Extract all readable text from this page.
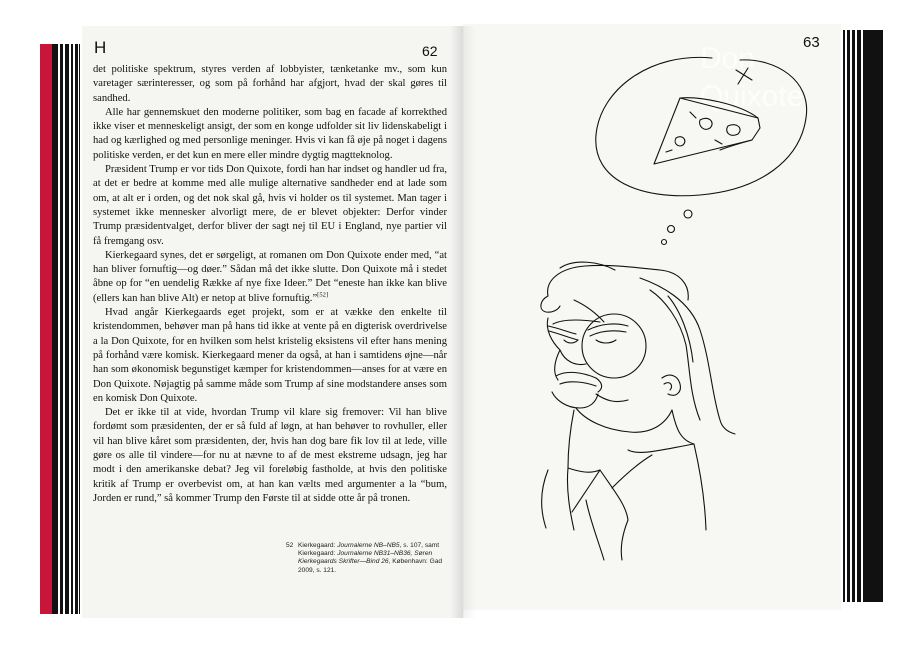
Don Quixote
H	62	63

det politiske spektrum, styres verden af lobbyister, tænketanke mv., som kun varetager særinteresser, og som på forhånd har afgjort, hvad der skal gøres til sandhed.

Alle har gennemskuet den moderne politiker, som bag en facade af korrekthed ikke viser et menneskeligt ansigt, der som en konge udfolder sit liv lidenskabeligt i had og kærlighed og med personlige meninger. Hvis vi kan få øje på noget i dagens politiske verden, er det kun en mere eller mindre dygtig magtteknolog.

Præsident Trump er vor tids Don Quixote, fordi han har indset og handler ud fra, at det er bedre at komme med alle mulige alternative sandheder end at lade som om, at alt er i orden, og det nok skal gå, hvis vi holder os til systemet. Man tager i systemet ikke mennesker alvorligt mere, de er blevet objekter: Derfor vinder Trump præsidentvalget, derfor bliver der sagt nej til EU i England, nye partier vil få fremgang osv.

Kierkegaard synes, det er sørgeligt, at romanen om Don Quixote ender med, “at han bliver fornuftig—og døer.” Sådan må det ikke slutte. Don Quixote må i stedet åbne op for “en uendelig Række af nye fixe Ideer.” Det “eneste han ikke kan blive (ellers kan han blive Alt) er netop at blive fornuftig.”[52]

Hvad angår Kierkegaards eget projekt, som er at vække den enkelte til kristendommen, behøver man på hans tid ikke at vente på en digterisk overdrivelse a la Don Quixote, for en hvilken som helst kristelig eksistens vil efter hans mening på forhånd være komisk. Kierkegaard mener da også, at han i samtidens øjne—når han som økonomisk begunstiget kæmper for kristendommen—anses for at være en Don Quixote. Nøjagtig på samme måde som Trump af sine modstandere anses som en komisk Don Quixote.

Det er ikke til at vide, hvordan Trump vil klare sig fremover: Vil han blive fordømt som præsidenten, der er så fuld af løgn, at han behøver to rovhuller, eller vil han blive kåret som præsidenten, der, hvis han dog bare fik lov til at lede, ville gøre os alle til vindere—for nu at nævne to af de mest ekstreme udsagn, jeg har modt i den amerikanske debat? Jeg vil foreløbig fastholde, at hvis den politiske kritik af Trump er overbevist om, at han kan vælts med argumenter a la “bum, Jorden er rund,” så kommer Trump den Første til at sidde otte år på tronen.

52 Kierkegaard: Journalerne NB–NB5, s. 107, samt Kierkegaard: Journalerne NB31–NB36, Søren Kierkegaards Skrifter—Bind 26, København: Gad 2009, s. 121.
